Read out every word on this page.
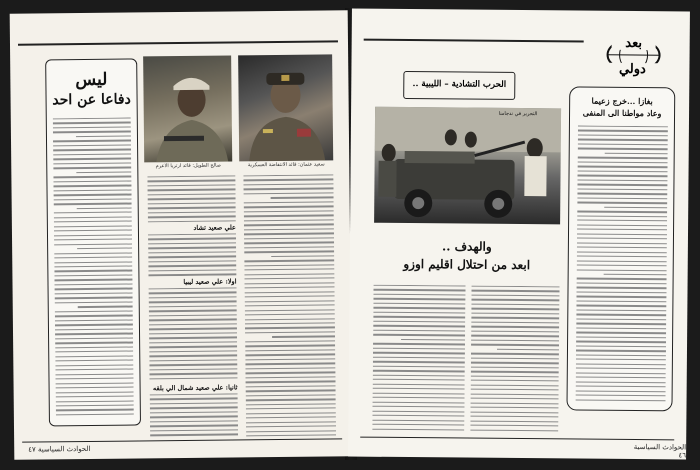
سعيد عثمان: قائد الانتفاضة العسكرية
صالح الطويل: قائد ارتريا الاعرم
ليس
دفاعا عن احد
علي صعيد تشاد
اولا: علي صعيد ليبيا
ثانيا: علي صعيد شمال الي بلقه
الحوادث السياسية ٤٧
بعد
دولي
بغازا ...خرج زعيما
وعاد مواطنا الى المنفى
الحرب التشادية – الليبية ..
التحرير في ندجامنا
والهدف ..
ابعد من احتلال اقليم اوزو
الحوادث السياسية ٤٦
